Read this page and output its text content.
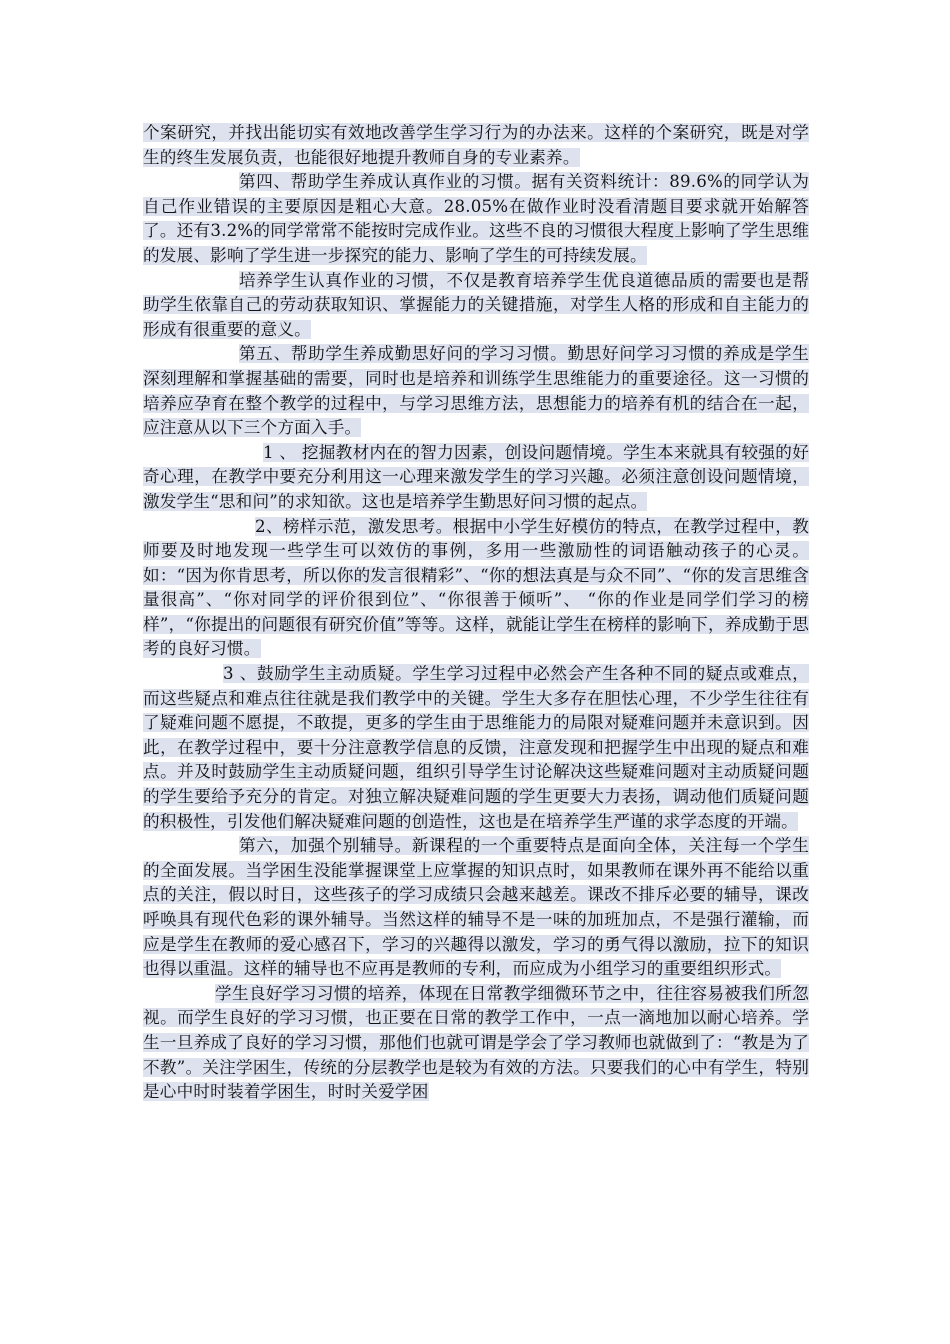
个案研究，并找出能切实有效地改善学生学习行为的办法来。这样的个案研究，既是对学生的终生发展负责，也能很好地提升教师自身的专业素养。

第四、帮助学生养成认真作业的习惯。据有关资料统计：89.6%的同学认为自己作业错误的主要原因是粗心大意。28.05%在做作业时没看清题目要求就开始解答了。还有3.2%的同学常常不能按时完成作业。这些不良的习惯很大程度上影响了学生思维的发展、影响了学生进一步探究的能力、影响了学生的可持续发展。

培养学生认真作业的习惯，不仅是教育培养学生优良道德品质的需要也是帮助学生依靠自己的劳动获取知识、掌握能力的关键措施，对学生人格的形成和自主能力的形成有很重要的意义。

第五、帮助学生养成勤思好问的学习习惯。勤思好问学习习惯的养成是学生深刻理解和掌握基础的需要，同时也是培养和训练学生思维能力的重要途径。这一习惯的培养应孕育在整个教学的过程中，与学习思维方法，思想能力的培养有机的结合在一起，应注意从以下三个方面入手。

1 、 挖掘教材内在的智力因素，创设问题情境。学生本来就具有较强的好奇心理，在教学中要充分利用这一心理来激发学生的学习兴趣。必须注意创设问题情境，激发学生“思和问”的求知欲。这也是培养学生勤思好问习惯的起点。

2、榜样示范，激发思考。根据中小学生好模仿的特点，在教学过程中，教师要及时地发现一些学生可以效仿的事例，多用一些激励性的词语触动孩子的心灵。如：“因为你肯思考，所以你的发言很精彩”、“你的想法真是与众不同”、“你的发言思维含量很高”、“你对同学的评价很到位”、“你很善于倾听”、 “你的作业是同学们学习的榜样”，“你提出的问题很有研究价值”等等。这样，就能让学生在榜样的影响下，养成勤于思考的良好习惯。

3 、鼓励学生主动质疑。学生学习过程中必然会产生各种不同的疑点或难点，而这些疑点和难点往往就是我们教学中的关键。学生大多存在胆怯心理，不少学生往往有了疑难问题不愿提，不敢提，更多的学生由于思维能力的局限对疑难问题并未意识到。因此，在教学过程中，要十分注意教学信息的反馈，注意发现和把握学生中出现的疑点和难点。并及时鼓励学生主动质疑问题，组织引导学生讨论解决这些疑难问题对主动质疑问题的学生要给予充分的肯定。对独立解决疑难问题的学生更要大力表扬，调动他们质疑问题的积极性，引发他们解决疑难问题的创造性，这也是在培养学生严谨的求学态度的开端。

第六，加强个别辅导。新课程的一个重要特点是面向全体，关注每一个学生的全面发展。当学困生没能掌握课堂上应掌握的知识点时，如果教师在课外再不能给以重点的关注，假以时日，这些孩子的学习成绩只会越来越差。课改不排斥必要的辅导，课改呼唤具有现代色彩的课外辅导。当然这样的辅导不是一味的加班加点，不是强行灌输，而应是学生在教师的爱心感召下，学习的兴趣得以激发，学习的勇气得以激励，拉下的知识也得以重温。这样的辅导也不应再是教师的专利，而应成为小组学习的重要组织形式。

学生良好学习习惯的培养，体现在日常教学细微环节之中，往往容易被我们所忽视。而学生良好的学习习惯，也正要在日常的教学工作中，一点一滴地加以耐心培养。学生一旦养成了良好的学习习惯，那他们也就可谓是学会了学习教师也就做到了：“教是为了不教”。关注学困生，传统的分层教学也是较为有效的方法。只要我们的心中有学生，特别是心中时时装着学困生，时时关爱学困
